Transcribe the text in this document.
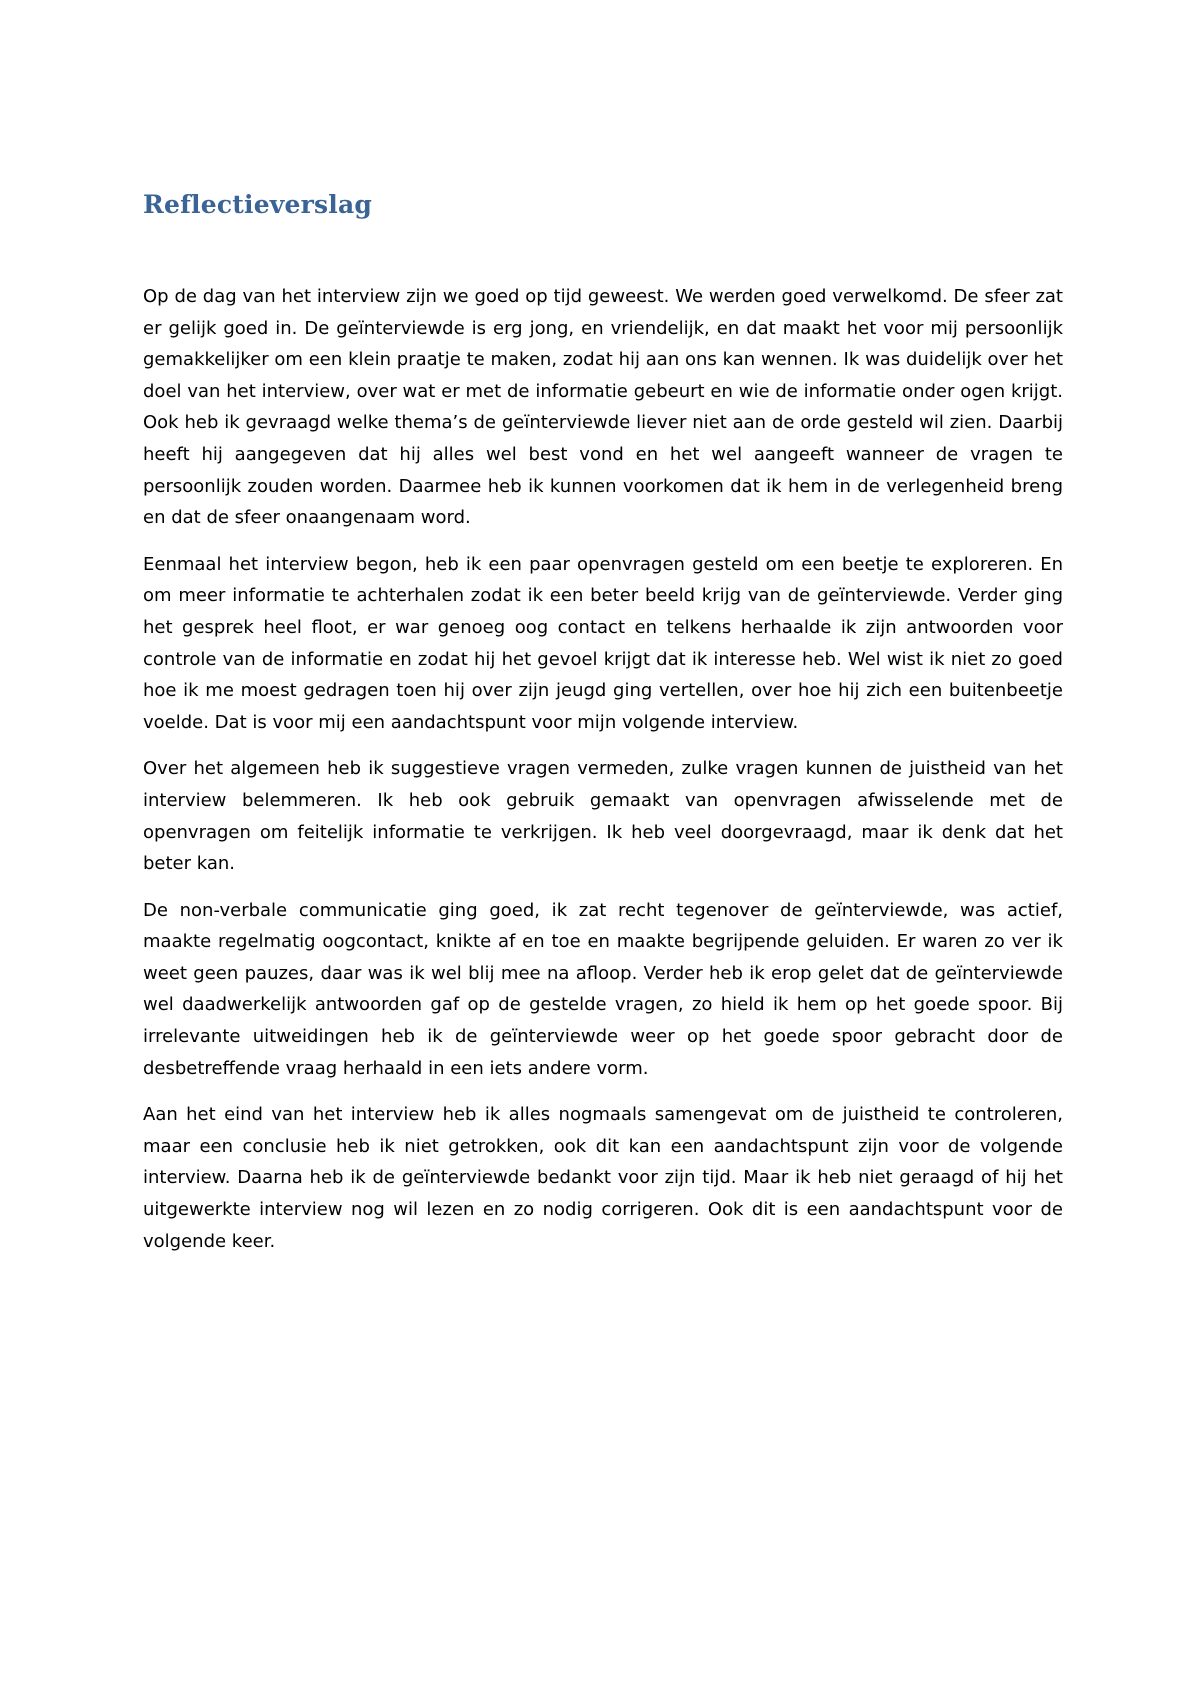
Reflectieverslag

Op de dag van het interview zijn we goed op tijd geweest. We werden goed verwelkomd. De sfeer zat er gelijk goed in. De geïnterviewde is erg jong, en vriendelijk, en dat maakt het voor mij persoonlijk gemakkelijker om een klein praatje te maken, zodat hij aan ons kan wennen. Ik was duidelijk over het doel van het interview, over wat er met de informatie gebeurt en wie de informatie onder ogen krijgt. Ook heb ik gevraagd welke thema’s de geïnterviewde liever niet aan de orde gesteld wil zien. Daarbij heeft hij aangegeven dat hij alles wel best vond en het wel aangeeft wanneer de vragen te persoonlijk zouden worden. Daarmee heb ik kunnen voorkomen dat ik hem in de verlegenheid breng en dat de sfeer onaangenaam word.

Eenmaal het interview begon, heb ik een paar openvragen gesteld om een beetje te exploreren. En om meer informatie te achterhalen zodat ik een beter beeld krijg van de geïnterviewde. Verder ging het gesprek heel floot, er war genoeg oog contact en telkens herhaalde ik zijn antwoorden voor controle van de informatie en zodat hij het gevoel krijgt dat ik interesse heb. Wel wist ik niet zo goed hoe ik me moest gedragen toen hij over zijn jeugd ging vertellen, over hoe hij zich een buitenbeetje voelde. Dat is voor mij een aandachtspunt voor mijn volgende interview.

Over het algemeen heb ik suggestieve vragen vermeden, zulke vragen kunnen de juistheid van het interview belemmeren. Ik heb ook gebruik gemaakt van openvragen afwisselende met de openvragen om feitelijk informatie te verkrijgen. Ik heb veel doorgevraagd, maar ik denk dat het beter kan.

De non-verbale communicatie ging goed, ik zat recht tegenover de geïnterviewde, was actief, maakte regelmatig oogcontact, knikte af en toe en maakte begrijpende geluiden. Er waren zo ver ik weet geen pauzes, daar was ik wel blij mee na afloop. Verder heb ik erop gelet dat de geïnterviewde wel daadwerkelijk antwoorden gaf op de gestelde vragen, zo hield ik hem op het goede spoor. Bij irrelevante uitweidingen heb ik de geïnterviewde weer op het goede spoor gebracht door de desbetreffende vraag herhaald in een iets andere vorm.

Aan het eind van het interview heb ik alles nogmaals samengevat om de juistheid te controleren, maar een conclusie heb ik niet getrokken, ook dit kan een aandachtspunt zijn voor de volgende interview. Daarna heb ik de geïnterviewde bedankt voor zijn tijd. Maar ik heb niet geraagd of hij het uitgewerkte interview nog wil lezen en zo nodig corrigeren. Ook dit is een aandachtspunt voor de volgende keer.
